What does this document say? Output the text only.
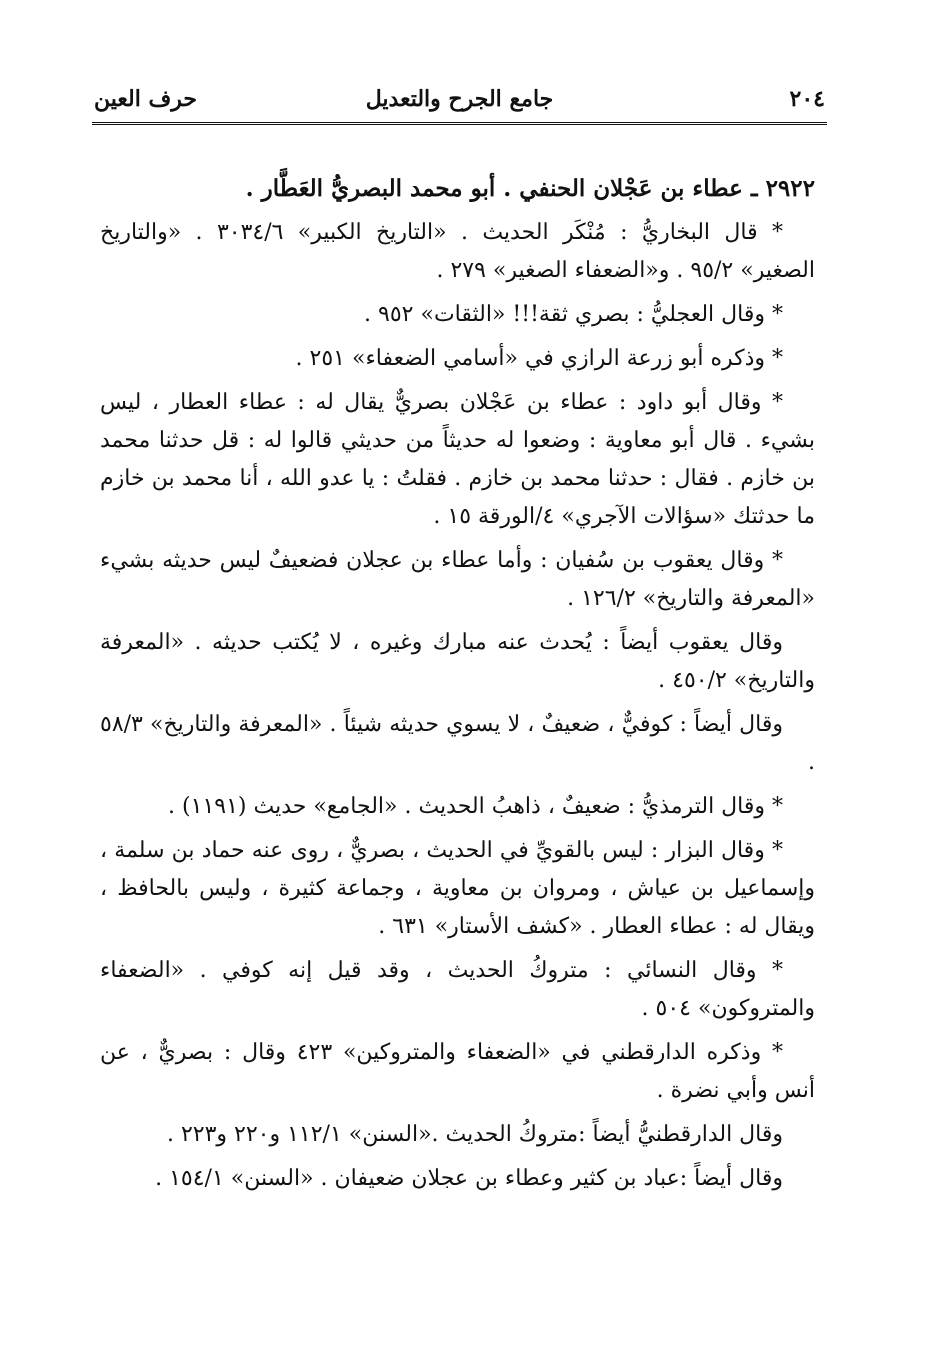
٢٠٤
جامع الجرح والتعديل
حرف العين

٢٩٢٢ ـ عطاء بن عَجْلان الحنفي . أبو محمد البصريُّ العَطَّار .

* قال البخاريُّ : مُنْكَر الحديث . «التاريخ الكبير» ٣٠٣٤/٦ . «والتاريخ الصغير» ٩٥/٢ . و«الضعفاء الصغير» ٢٧٩ .

* وقال العجليُّ : بصري ثقة!!! «الثقات» ٩٥٢ .

* وذكره أبو زرعة الرازي في «أسامي الضعفاء» ٢٥١ .

* وقال أبو داود : عطاء بن عَجْلان بصريٌّ يقال له : عطاء العطار ، ليس بشيء . قال أبو معاوية : وضعوا له حديثاً من حديثي قالوا له : قل حدثنا محمد بن خازم . فقال : حدثنا محمد بن خازم . فقلتُ : يا عدو الله ، أنا محمد بن خازم ما حدثتك «سؤالات الآجري» ٤/الورقة ١٥ .

* وقال يعقوب بن سُفيان : وأما عطاء بن عجلان فضعيفٌ ليس حديثه بشيء «المعرفة والتاريخ» ١٢٦/٢ .

وقال يعقوب أيضاً : يُحدث عنه مبارك وغيره ، لا يُكتب حديثه . «المعرفة والتاريخ» ٤٥٠/٢ .

وقال أيضاً : كوفيٌّ ، ضعيفٌ ، لا يسوي حديثه شيئاً . «المعرفة والتاريخ» ٥٨/٣ .

* وقال الترمذيُّ : ضعيفٌ ، ذاهبُ الحديث . «الجامع» حديث (١١٩١) .

* وقال البزار : ليس بالقويِّ في الحديث ، بصريٌّ ، روى عنه حماد بن سلمة ، وإسماعيل بن عياش ، ومروان بن معاوية ، وجماعة كثيرة ، وليس بالحافظ ، ويقال له : عطاء العطار . «كشف الأستار» ٦٣١ .

* وقال النسائي : متروكُ الحديث ، وقد قيل إنه كوفي . «الضعفاء والمتروكون» ٥٠٤ .

* وذكره الدارقطني في «الضعفاء والمتروكين» ٤٢٣ وقال : بصريٌّ ، عن أنس وأبي نضرة .

وقال الدارقطنيُّ أيضاً :متروكُ الحديث .«السنن» ١١٢/١ و٢٢٠ و٢٢٣ .

وقال أيضاً :عباد بن كثير وعطاء بن عجلان ضعيفان . «السنن» ١٥٤/١ .
